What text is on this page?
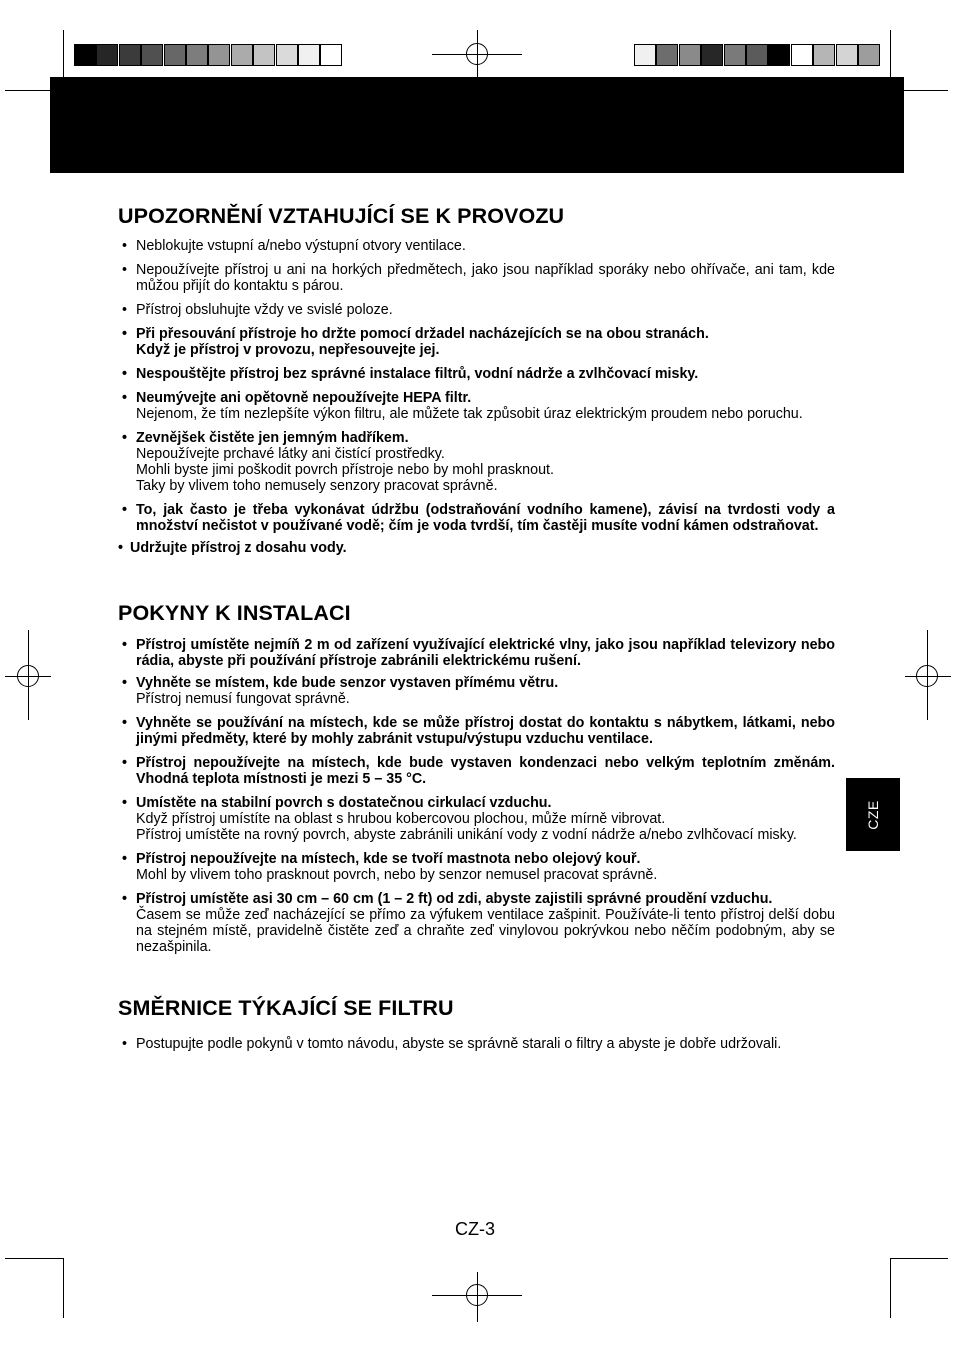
UPOZORNĚNÍ VZTAHUJÍCÍ SE K PROVOZU
• Neblokujte vstupní a/nebo výstupní otvory ventilace.
• Nepoužívejte přístroj u ani na horkých předmětech, jako jsou například sporáky nebo ohřívače, ani tam, kde můžou přijít do kontaktu s párou.
• Přístroj obsluhujte vždy ve svislé poloze.
• Při přesouvání přístroje ho držte pomocí držadel nacházejících se na obou stranách.
Když je přístroj v provozu, nepřesouvejte jej.
• Nespouštějte přístroj bez správné instalace filtrů, vodní nádrže a zvlhčovací misky.
• Neumývejte ani opětovně nepoužívejte HEPA filtr.
Nejenom, že tím nezlepšíte výkon filtru, ale můžete tak způsobit úraz elektrickým proudem nebo poruchu.
• Zevnějšek čistěte jen jemným hadříkem.
Nepoužívejte prchavé látky ani čistící prostředky.
Mohli byste jimi poškodit povrch přístroje nebo by mohl prasknout.
Taky by vlivem toho nemusely senzory pracovat správně.
• To, jak často je třeba vykonávat údržbu (odstraňování vodního kamene), závisí na tvrdosti vody a množství nečistot v používané vodě; čím je voda tvrdší, tím častěji musíte vodní kámen odstraňovat.
• Udržujte přístroj z dosahu vody.
POKYNY K INSTALACI
• Přístroj umístěte nejmíň 2 m od zařízení využívající elektrické vlny, jako jsou například televizory nebo rádia, abyste při používání přístroje zabránili elektrickému rušení.
• Vyhněte se místem, kde bude senzor vystaven přímému větru.
Přístroj nemusí fungovat správně.
• Vyhněte se používání na místech, kde se může přístroj dostat do kontaktu s nábytkem, látkami, nebo jinými předměty, které by mohly zabránit vstupu/výstupu vzduchu ventilace.
• Přístroj nepoužívejte na místech, kde bude vystaven kondenzaci nebo velkým teplotním změnám. Vhodná teplota místnosti je mezi 5 – 35 °C.
• Umístěte na stabilní povrch s dostatečnou cirkulací vzduchu.
Když přístroj umístíte na oblast s hrubou kobercovou plochou, může mírně vibrovat.
Přístroj umístěte na rovný povrch, abyste zabránili unikání vody z vodní nádrže a/nebo zvlhčovací misky.
• Přístroj nepoužívejte na místech, kde se tvoří mastnota nebo olejový kouř.
Mohl by vlivem toho prasknout povrch, nebo by senzor nemusel pracovat správně.
• Přístroj umístěte asi 30 cm – 60 cm (1 – 2 ft) od zdi, abyste zajistili správné proudění vzduchu.
Časem se může zeď nacházející se přímo za výfukem ventilace zašpinit. Používáte-li tento přístroj delší dobu na stejném místě, pravidelně čistěte zeď a chraňte zeď vinylovou pokrývkou nebo něčím podobným, aby se nezašpinila.
SMĚRNICE TÝKAJÍCÍ SE FILTRU
• Postupujte podle pokynů v tomto návodu, abyste se správně starali o filtry a abyste je dobře udržovali.
CZE
CZ-3
